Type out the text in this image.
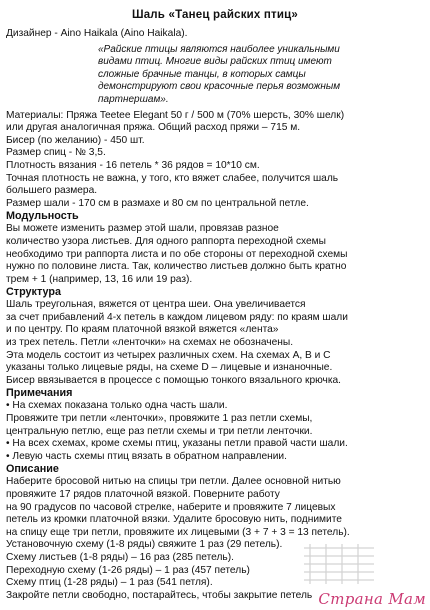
Шаль «Танец райских птиц»

Дизайнер - Aino Haikala (Aino Haikala).

«Райские птицы являются наиболее уникальными

видами птиц. Многие виды райских птиц имеют

сложные брачные танцы, в которых самцы

демонстрируют свои красочные перья возможным

партнершам».

Материалы: Пряжа Teetee Elegant 50 г / 500 м (70% шерсть, 30% шелк)

или другая аналогичная пряжа. Общий расход пряжи – 715 м.

Бисер (по желанию) - 450 шт.

Размер спиц - № 3,5.

Плотность вязания - 16 петель * 36 рядов = 10*10 см.

Точная плотность не важна, у того, кто вяжет слабее, получится шаль

большего размера.

Размер шали - 170 см в размахе и 80 см по центральной петле.

Модульность

Вы можете изменить размер этой шали, провязав разное

количество узора листьев. Для одного раппорта переходной схемы

необходимо три раппорта листа и по обе стороны от переходной схемы

нужно по половине листа. Так, количество листьев должно быть кратно

трем + 1 (например, 13, 16 или 19 раз).

Структура

Шаль треугольная, вяжется от центра шеи. Она увеличивается

за счет прибавлений 4-х петель в каждом лицевом ряду: по краям шали

и по центру. По краям платочной вязкой вяжется «лента»

из трех петель. Петли «ленточки» на схемах не обозначены.

Эта модель состоит из четырех различных схем. На схемах А, В и С

указаны только лицевые ряды, на схеме D – лицевые и изнаночные.

Бисер ввязывается в процессе с помощью тонкого вязального крючка.

Примечания

• На схемах показана только одна часть шали.

Провяжите три петли «ленточки», провяжите 1 раз петли схемы,

центральную петлю, еще раз петли схемы и три петли ленточки.

• На всех схемах, кроме схемы птиц, указаны петли правой части шали.

• Левую часть схемы птиц вязать в обратном направлении.

Описание

Наберите бросовой нитью на спицы три петли. Далее основной нитью

провяжите 17 рядов платочной вязкой. Поверните работу

на 90 градусов по часовой стрелке, наберите и провяжите 7 лицевых

петель из кромки платочной вязки. Удалите бросовую нить, поднимите

на спицу еще три петли, провяжите их лицевыми (3 + 7 + 3 = 13 петель).

Установочную схему (1-8 ряды) свяжите 1 раз (29 петель).

Схему листьев (1-8 ряды) – 16 раз (285 петель).

Переходную схему (1-26 ряды) – 1 раз (457 петель)

Схему птиц (1-28 ряды) – 1 раз (541 петля).

Закройте петли свободно, постарайтесь, чтобы закрытие петель Страна Мам
